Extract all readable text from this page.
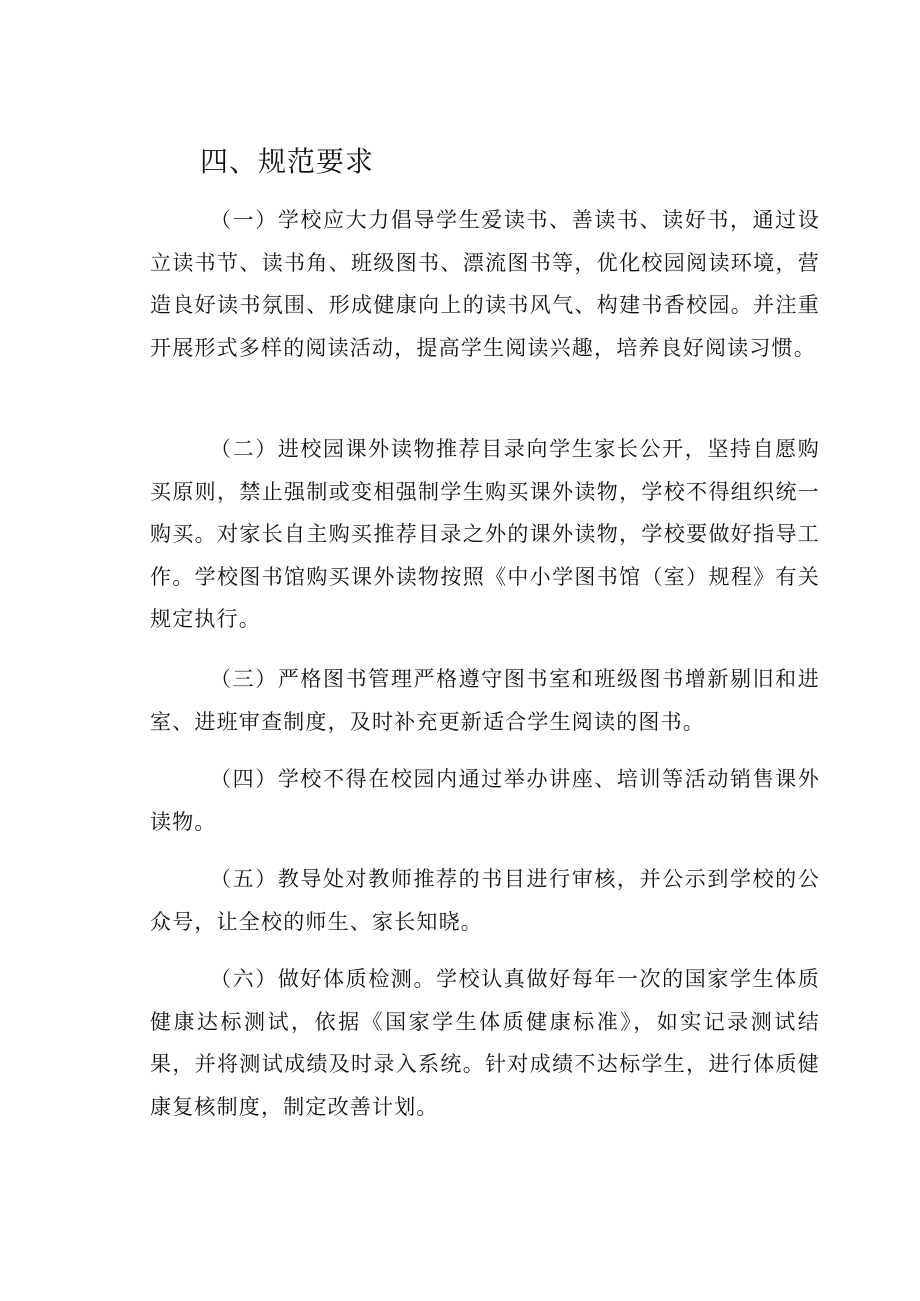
四、规范要求

（一）学校应大力倡导学生爱读书、善读书、读好书，通过设立读书节、读书角、班级图书、漂流图书等，优化校园阅读环境，营造良好读书氛围、形成健康向上的读书风气、构建书香校园。并注重开展形式多样的阅读活动，提高学生阅读兴趣，培养良好阅读习惯。

（二）进校园课外读物推荐目录向学生家长公开，坚持自愿购买原则，禁止强制或变相强制学生购买课外读物，学校不得组织统一购买。对家长自主购买推荐目录之外的课外读物，学校要做好指导工作。学校图书馆购买课外读物按照《中小学图书馆（室）规程》有关规定执行。

（三）严格图书管理严格遵守图书室和班级图书增新剔旧和进室、进班审查制度，及时补充更新适合学生阅读的图书。

（四）学校不得在校园内通过举办讲座、培训等活动销售课外读物。

（五）教导处对教师推荐的书目进行审核，并公示到学校的公众号，让全校的师生、家长知晓。

（六）做好体质检测。学校认真做好每年一次的国家学生体质健康达标测试，依据《国家学生体质健康标准》，如实记录测试结果，并将测试成绩及时录入系统。针对成绩不达标学生，进行体质健康复核制度，制定改善计划。
